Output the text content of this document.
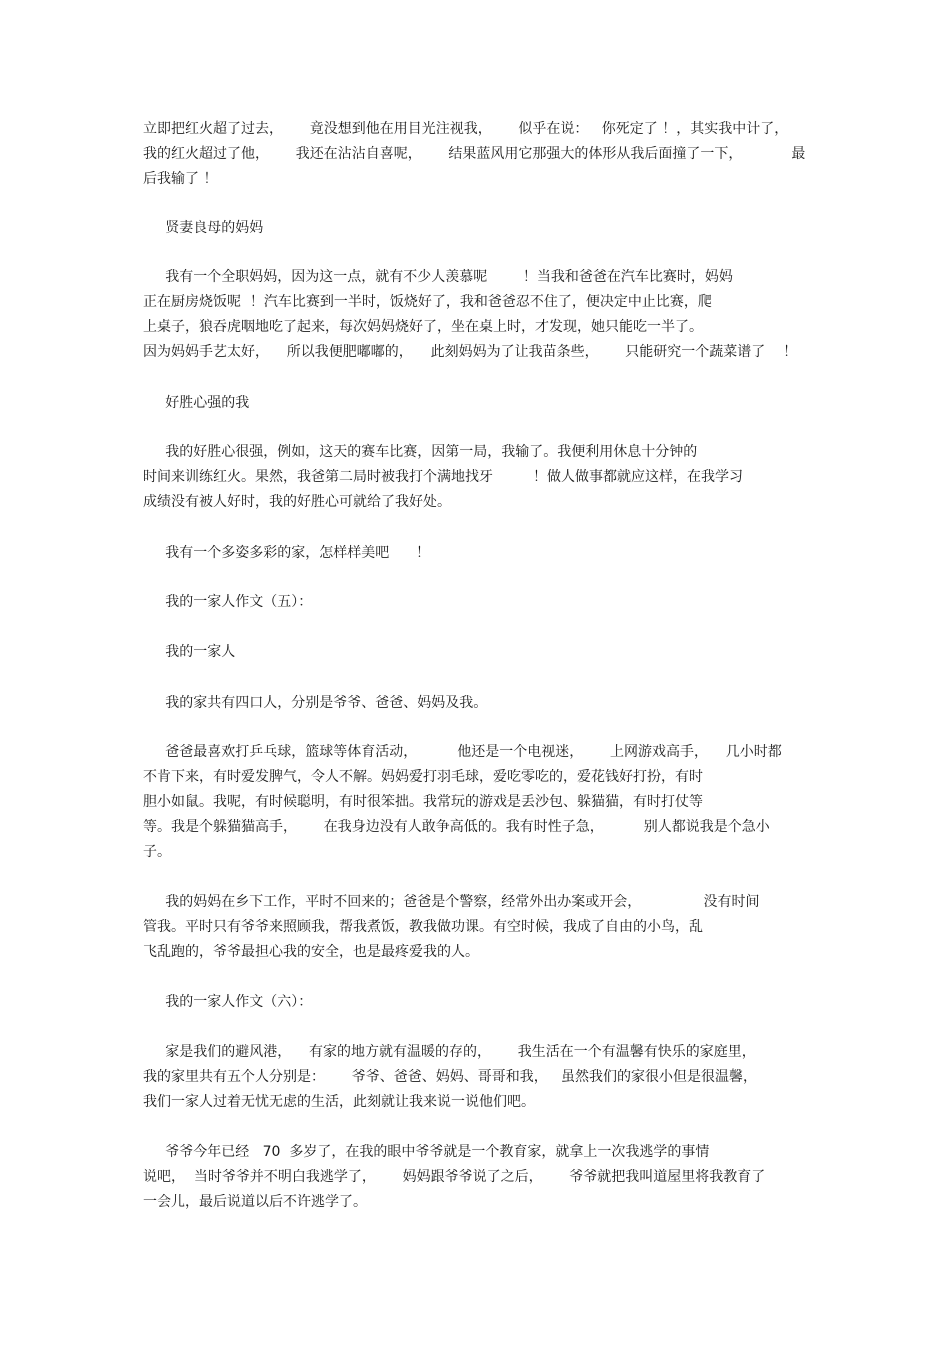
立即把红火超了过去，      竟没想到他在用目光注视我，      似乎在说：   你死定了 ！，其实我中计了，
我的红火超过了他，      我还在沾沾自喜呢，      结果蓝风用它那强大的体形从我后面撞了一下，           最
后我输了 ！
贤妻良母的妈妈
我有一个全职妈妈，因为这一点，就有不少人羡慕呢        ！当我和爸爸在汽车比赛时，妈妈
正在厨房烧饭呢  ！汽车比赛到一半时，饭烧好了，我和爸爸忍不住了，便决定中止比赛，爬
上桌子，狼吞虎咽地吃了起来，每次妈妈烧好了，坐在桌上时，才发现，她只能吃一半了。
因为妈妈手艺太好，    所以我便肥嘟嘟的，    此刻妈妈为了让我苗条些，      只能研究一个蔬菜谱了    ！
好胜心强的我
我的好胜心很强，例如，这天的赛车比赛，因第一局，我输了。我便利用休息十分钟的
时间来训练红火。果然，我爸第二局时被我打个满地找牙         ！做人做事都就应这样，在我学习
成绩没有被人好时，我的好胜心可就给了我好处。
我有一个多姿多彩的家，怎样样美吧      ！
我的一家人作文（五）：
我的一家人
我的家共有四口人，分别是爷爷、爸爸、妈妈及我。
爸爸最喜欢打乒乓球，篮球等体育活动，         他还是一个电视迷，      上网游戏高手，    几小时都
不肯下来，有时爱发脾气，令人不解。妈妈爱打羽毛球，爱吃零吃的，爱花钱好打扮，有时
胆小如鼠。我呢，有时候聪明，有时很笨拙。我常玩的游戏是丢沙包、躲猫猫，有时打仗等
等。我是个躲猫猫高手，      在我身边没有人敢争高低的。我有时性子急，         别人都说我是个急小
子。
我的妈妈在乡下工作，平时不回来的；爸爸是个警察，经常外出办案或开会，              没有时间
管我。平时只有爷爷来照顾我，帮我煮饭，教我做功课。有空时候，我成了自由的小鸟，乱
飞乱跑的，爷爷最担心我的安全，也是最疼爱我的人。
我的一家人作文（六）：
家是我们的避风港，    有家的地方就有温暖的存的，      我生活在一个有温馨有快乐的家庭里，
我的家里共有五个人分别是：      爷爷、爸爸、妈妈、哥哥和我，   虽然我们的家很小但是很温馨，
我们一家人过着无忧无虑的生活，此刻就让我来说一说他们吧。
爷爷今年已经   70  多岁了，在我的眼中爷爷就是一个教育家，就拿上一次我逃学的事情
说吧，  当时爷爷并不明白我逃学了，      妈妈跟爷爷说了之后，      爷爷就把我叫道屋里将我教育了
一会儿，最后说道以后不许逃学了。
